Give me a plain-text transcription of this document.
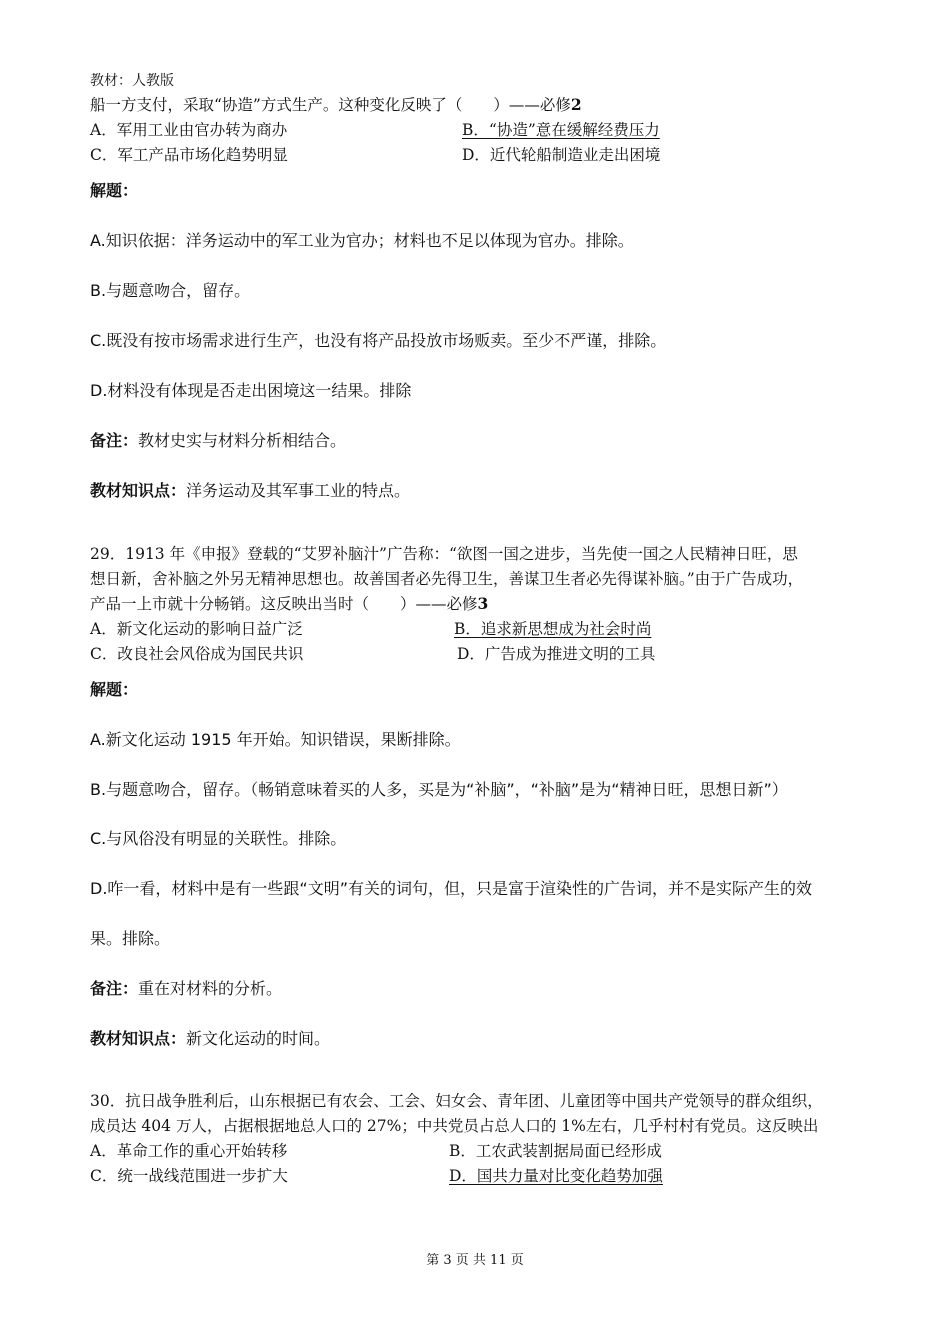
教材：人教版
船一方支付，采取“协造”方式生产。这种变化反映了（　　）——必修2
A．军用工业由官办转为商办	B．“协造”意在缓解经费压力
C．军工产品市场化趋势明显	D．近代轮船制造业走出困境
解题：
A.知识依据：洋务运动中的军工业为官办；材料也不足以体现为官办。排除。
B.与题意吻合，留存。
C.既没有按市场需求进行生产，也没有将产品投放市场贩卖。至少不严谨，排除。
D.材料没有体现是否走出困境这一结果。排除
备注：教材史实与材料分析相结合。
教材知识点：洋务运动及其军事工业的特点。
29．1913 年《申报》登载的“艾罗补脑汁”广告称：“欲图一国之进步，当先使一国之人民精神日旺，思
想日新，舍补脑之外另无精神思想也。故善国者必先得卫生，善谋卫生者必先得谋补脑。”由于广告成功，
产品一上市就十分畅销。这反映出当时（　　）——必修3
A．新文化运动的影响日益广泛	B．追求新思想成为社会时尚
C．改良社会风俗成为国民共识	D．广告成为推进文明的工具
解题：
A.新文化运动 1915 年开始。知识错误，果断排除。
B.与题意吻合，留存。（畅销意味着买的人多，买是为“补脑”，“补脑”是为“精神日旺，思想日新”）
C.与风俗没有明显的关联性。排除。
D.咋一看，材料中是有一些跟“文明”有关的词句，但，只是富于渲染性的广告词，并不是实际产生的效
果。排除。
备注：重在对材料的分析。
教材知识点：新文化运动的时间。
30．抗日战争胜利后，山东根据已有农会、工会、妇女会、青年团、儿童团等中国共产党领导的群众组织，
成员达 404 万人，占据根据地总人口的 27%；中共党员占总人口的 1%左右，几乎村村有党员。这反映出
A．革命工作的重心开始转移	B．工农武装割据局面已经形成
C．统一战线范围进一步扩大	D．国共力量对比变化趋势加强
第 3 页 共 11 页
